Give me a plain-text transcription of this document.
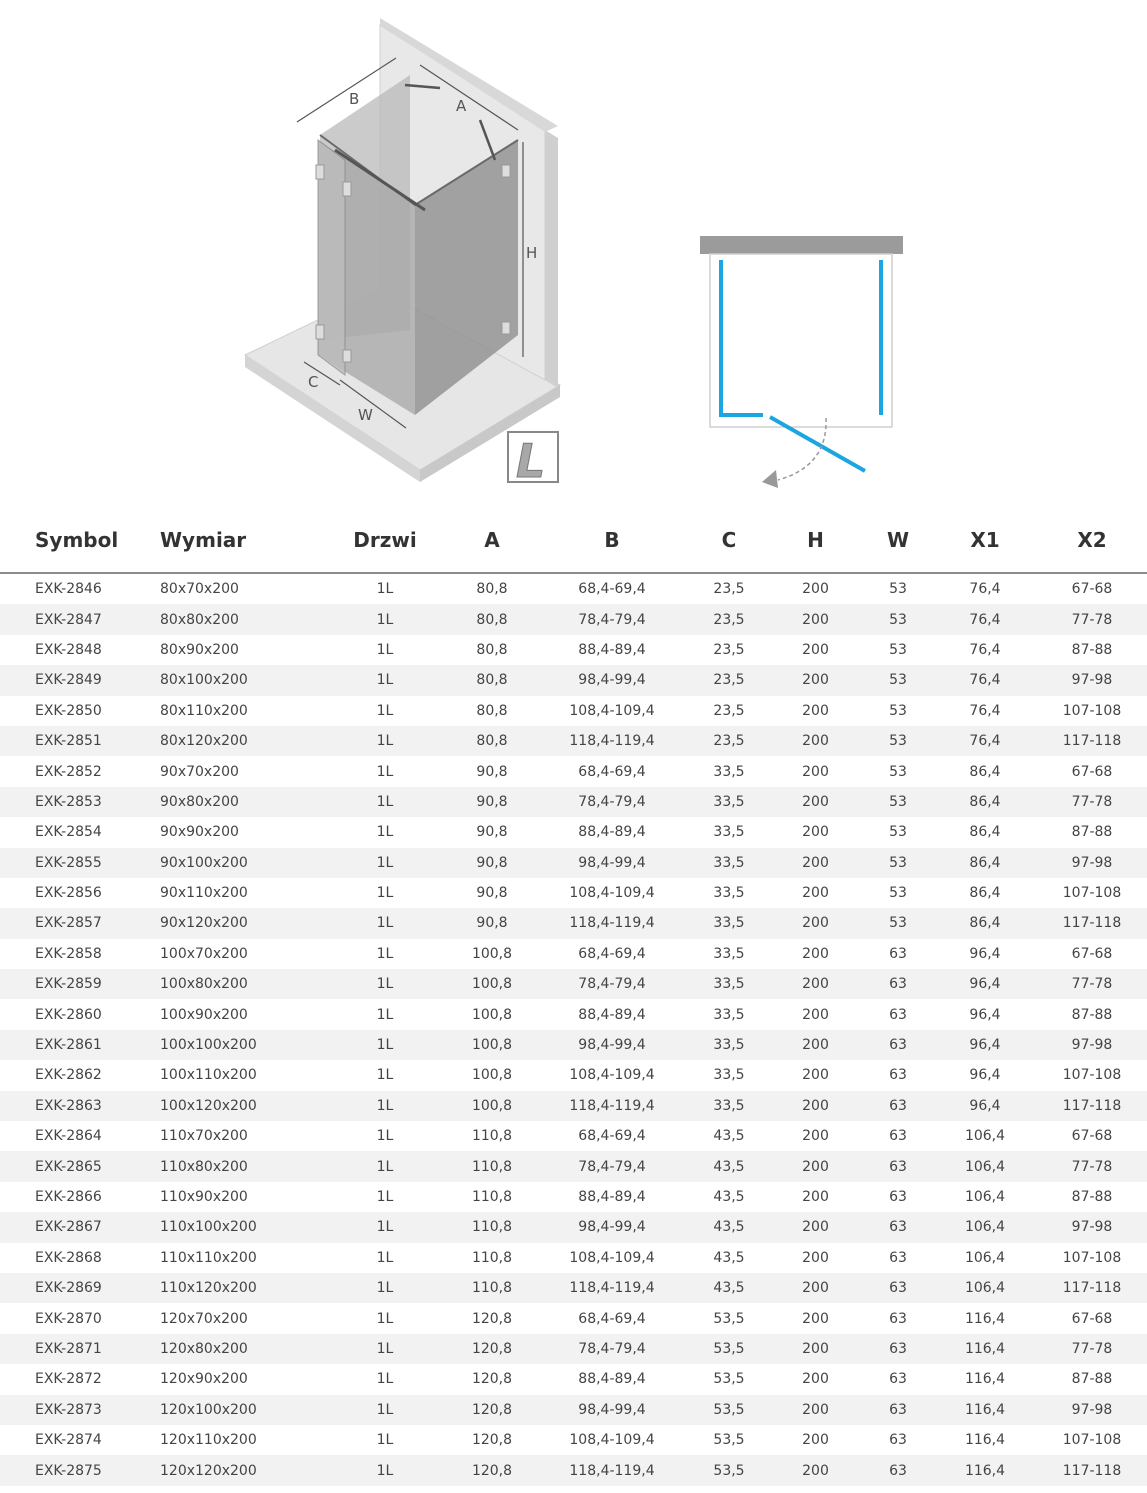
B	A
H
C
W
L
Symbol	Wymiar	Drzwi	A	B	C	H	W	X1	X2
EXK-2846	80x70x200	1L	80,8	68,4-69,4	23,5	200	53	76,4	67-68
EXK-2847	80x80x200	1L	80,8	78,4-79,4	23,5	200	53	76,4	77-78
EXK-2848	80x90x200	1L	80,8	88,4-89,4	23,5	200	53	76,4	87-88
EXK-2849	80x100x200	1L	80,8	98,4-99,4	23,5	200	53	76,4	97-98
EXK-2850	80x110x200	1L	80,8	108,4-109,4	23,5	200	53	76,4	107-108
EXK-2851	80x120x200	1L	80,8	118,4-119,4	23,5	200	53	76,4	117-118
EXK-2852	90x70x200	1L	90,8	68,4-69,4	33,5	200	53	86,4	67-68
EXK-2853	90x80x200	1L	90,8	78,4-79,4	33,5	200	53	86,4	77-78
EXK-2854	90x90x200	1L	90,8	88,4-89,4	33,5	200	53	86,4	87-88
EXK-2855	90x100x200	1L	90,8	98,4-99,4	33,5	200	53	86,4	97-98
EXK-2856	90x110x200	1L	90,8	108,4-109,4	33,5	200	53	86,4	107-108
EXK-2857	90x120x200	1L	90,8	118,4-119,4	33,5	200	53	86,4	117-118
EXK-2858	100x70x200	1L	100,8	68,4-69,4	33,5	200	63	96,4	67-68
EXK-2859	100x80x200	1L	100,8	78,4-79,4	33,5	200	63	96,4	77-78
EXK-2860	100x90x200	1L	100,8	88,4-89,4	33,5	200	63	96,4	87-88
EXK-2861	100x100x200	1L	100,8	98,4-99,4	33,5	200	63	96,4	97-98
EXK-2862	100x110x200	1L	100,8	108,4-109,4	33,5	200	63	96,4	107-108
EXK-2863	100x120x200	1L	100,8	118,4-119,4	33,5	200	63	96,4	117-118
EXK-2864	110x70x200	1L	110,8	68,4-69,4	43,5	200	63	106,4	67-68
EXK-2865	110x80x200	1L	110,8	78,4-79,4	43,5	200	63	106,4	77-78
EXK-2866	110x90x200	1L	110,8	88,4-89,4	43,5	200	63	106,4	87-88
EXK-2867	110x100x200	1L	110,8	98,4-99,4	43,5	200	63	106,4	97-98
EXK-2868	110x110x200	1L	110,8	108,4-109,4	43,5	200	63	106,4	107-108
EXK-2869	110x120x200	1L	110,8	118,4-119,4	43,5	200	63	106,4	117-118
EXK-2870	120x70x200	1L	120,8	68,4-69,4	53,5	200	63	116,4	67-68
EXK-2871	120x80x200	1L	120,8	78,4-79,4	53,5	200	63	116,4	77-78
EXK-2872	120x90x200	1L	120,8	88,4-89,4	53,5	200	63	116,4	87-88
EXK-2873	120x100x200	1L	120,8	98,4-99,4	53,5	200	63	116,4	97-98
EXK-2874	120x110x200	1L	120,8	108,4-109,4	53,5	200	63	116,4	107-108
EXK-2875	120x120x200	1L	120,8	118,4-119,4	53,5	200	63	116,4	117-118
